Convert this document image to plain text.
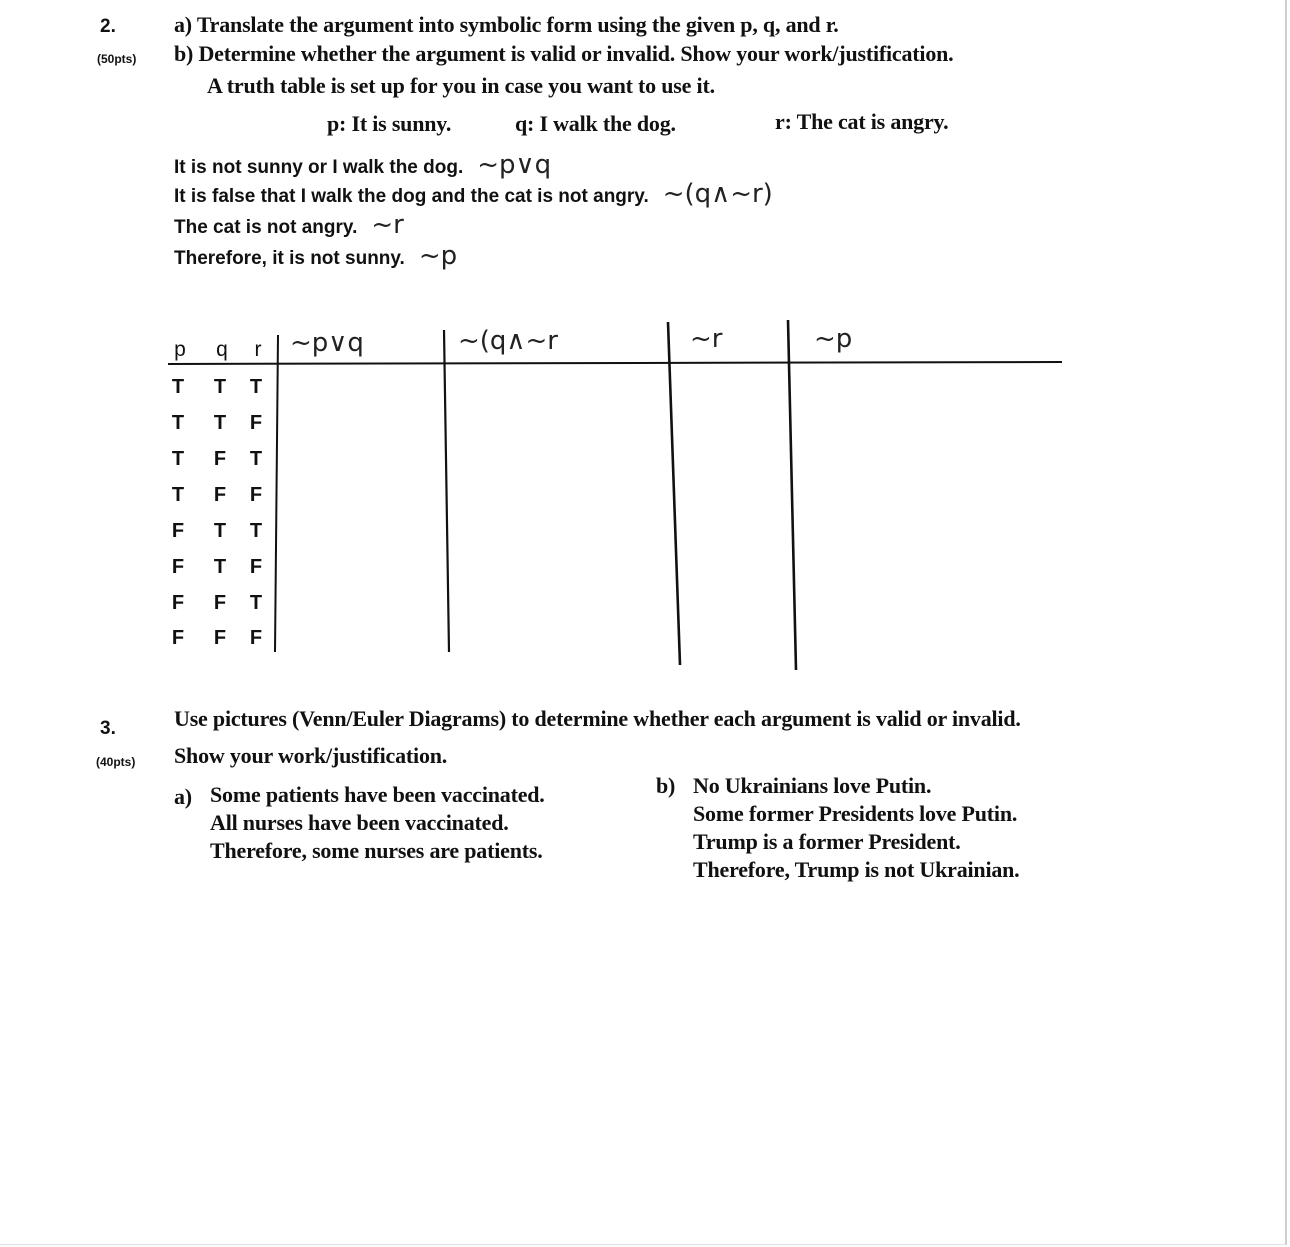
2.
(50pts)
a) Translate the argument into symbolic form using the given p, q, and r.
b) Determine whether the argument is valid or invalid. Show your work/justification.
A truth table is set up for you in case you want to use it.
p: It is sunny.	q: I walk the dog.	r: The cat is angry.
It is not sunny or I walk the dog. ~p∨q
It is false that I walk the dog and the cat is not angry. ~(q∧~r)
The cat is not angry. ~r
Therefore, it is not sunny. ~p
p q	r ~p∨q	~(q∧~r	~r	~p
T T T
T T F
T F T
T F F
F T T
F T F
F F T
F F F
3.
(40pts)
Use pictures (Venn/Euler Diagrams) to determine whether each argument is valid or invalid.
Show your work/justification.
a) Some patients have been vaccinated.
All nurses have been vaccinated.
Therefore, some nurses are patients.
b) No Ukrainians love Putin.
Some former Presidents love Putin.
Trump is a former President.
Therefore, Trump is not Ukrainian.
